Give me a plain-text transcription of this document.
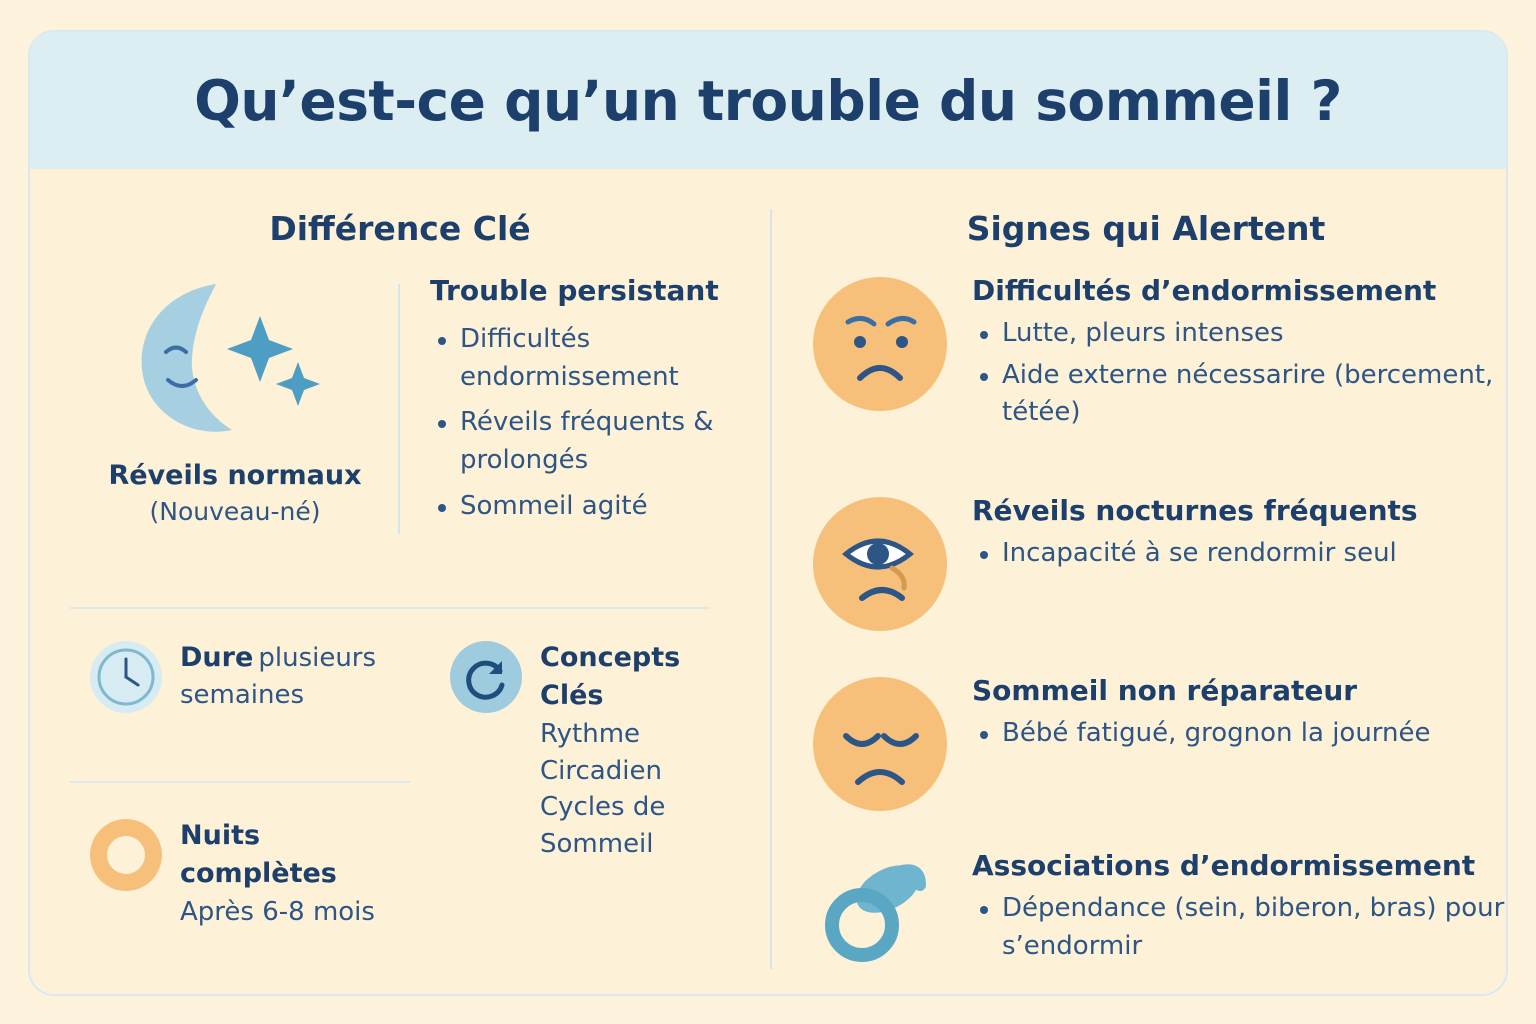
Qu’est-ce qu’un trouble du sommeil ?
Différence Clé
Réveils normaux
(Nouveau-né)
Trouble persistant
Difficultés endormissement
Réveils fréquents & prolongés
Sommeil agité
Dure plusieurs semaines
Nuits complètes Après 6-8 mois
Concepts Clés
Rythme Circadien
Cycles de Sommeil
Signes qui Alertent
Difficultés d’endormissement
Lutte, pleurs intenses
Aide externe nécessarire (bercement, tétée)
Réveils nocturnes fréquents
Incapacité à se rendormir seul
Sommeil non réparateur
Bébé fatigué, grognon la journée
Associations d’endormissement
Dépendance (sein, biberon, bras) pour s’endormir
